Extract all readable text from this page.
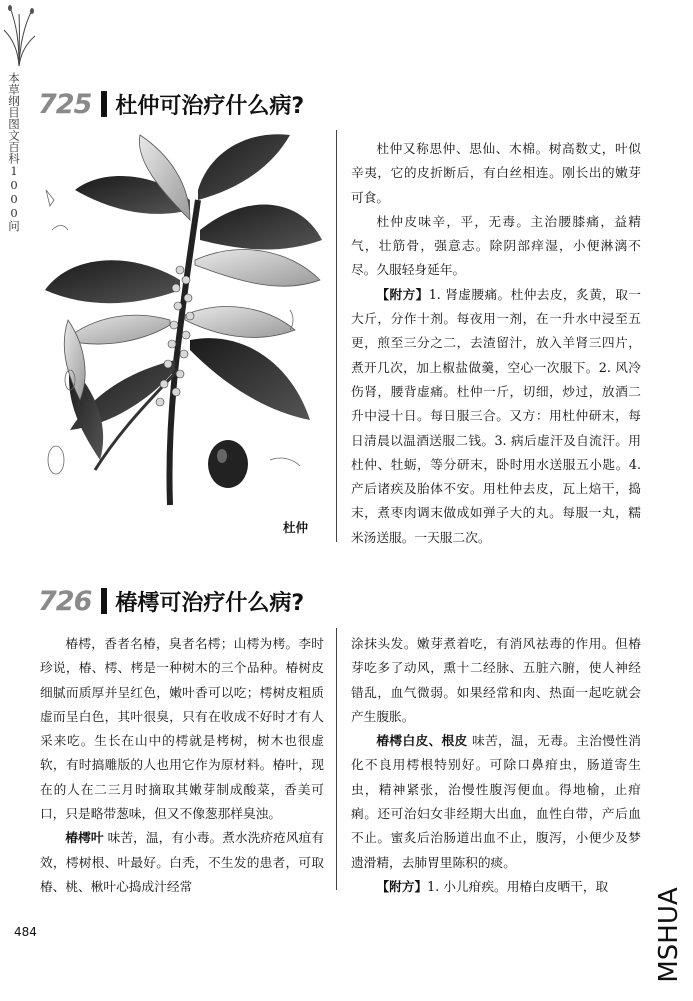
本草纲目图文百科1000问 725 杜仲可治疗什么病?
杜仲

杜仲又称思仲、思仙、木棉。树高数丈，叶似辛夷，它的皮折断后，有白丝相连。刚长出的嫩芽可食。

杜仲皮味辛，平，无毒。主治腰膝痛，益精气，壮筋骨，强意志。除阴部痒湿，小便淋漓不尽。久服轻身延年。

【附方】1. 肾虚腰痛。杜仲去皮，炙黄，取一大斤，分作十剂。每夜用一剂，在一升水中浸至五更，煎至三分之二，去渣留汁，放入羊肾三四片，煮开几次，加上椒盐做羹，空心一次服下。2. 风冷伤肾，腰背虚痛。杜仲一斤，切细，炒过，放酒二升中浸十日。每日服三合。又方：用杜仲研末，每日清晨以温酒送服二钱。3. 病后虚汗及自流汗。用杜仲、牡蛎，等分研末，卧时用水送服五小匙。4. 产后诸疾及胎体不安。用杜仲去皮，瓦上焙干，捣末，煮枣肉调末做成如弹子大的丸。每服一丸，糯米汤送服。一天服二次。

726 椿樗可治疗什么病?

椿樗，香者名椿，臭者名樗；山樗为栲。李时珍说，椿、樗、栲是一种树木的三个品种。椿树皮细腻而质厚并呈红色，嫩叶香可以吃；樗树皮粗质虚而呈白色，其叶很臭，只有在收成不好时才有人采来吃。生长在山中的樗就是栲树，树木也很虚软，有时搞雕版的人也用它作为原材料。椿叶，现在的人在二三月时摘取其嫩芽制成酸菜，香美可口，只是略带葱味，但又不像葱那样臭浊。

椿樗叶 味苦，温，有小毒。煮水洗疥疮风疽有效，樗树根、叶最好。白秃，不生发的患者，可取椿、桃、楸叶心捣成汁经常

涂抹头发。嫩芽煮着吃，有消风祛毒的作用。但椿芽吃多了动风，熏十二经脉、五脏六腑，使人神经错乱，血气微弱。如果经常和肉、热面一起吃就会产生腹胀。

椿樗白皮、根皮 味苦，温，无毒。主治慢性消化不良用樗根特别好。可除口鼻疳虫，肠道寄生虫，精神紧张，治慢性腹泻便血。得地榆，止疳痢。还可治妇女非经期大出血，血性白带，产后血不止。蜜炙后治肠道出血不止，腹泻，小便少及梦遗滑精，去肺胃里陈积的痰。

【附方】1. 小儿疳疾。用椿白皮晒干，取

484	MSHUA
